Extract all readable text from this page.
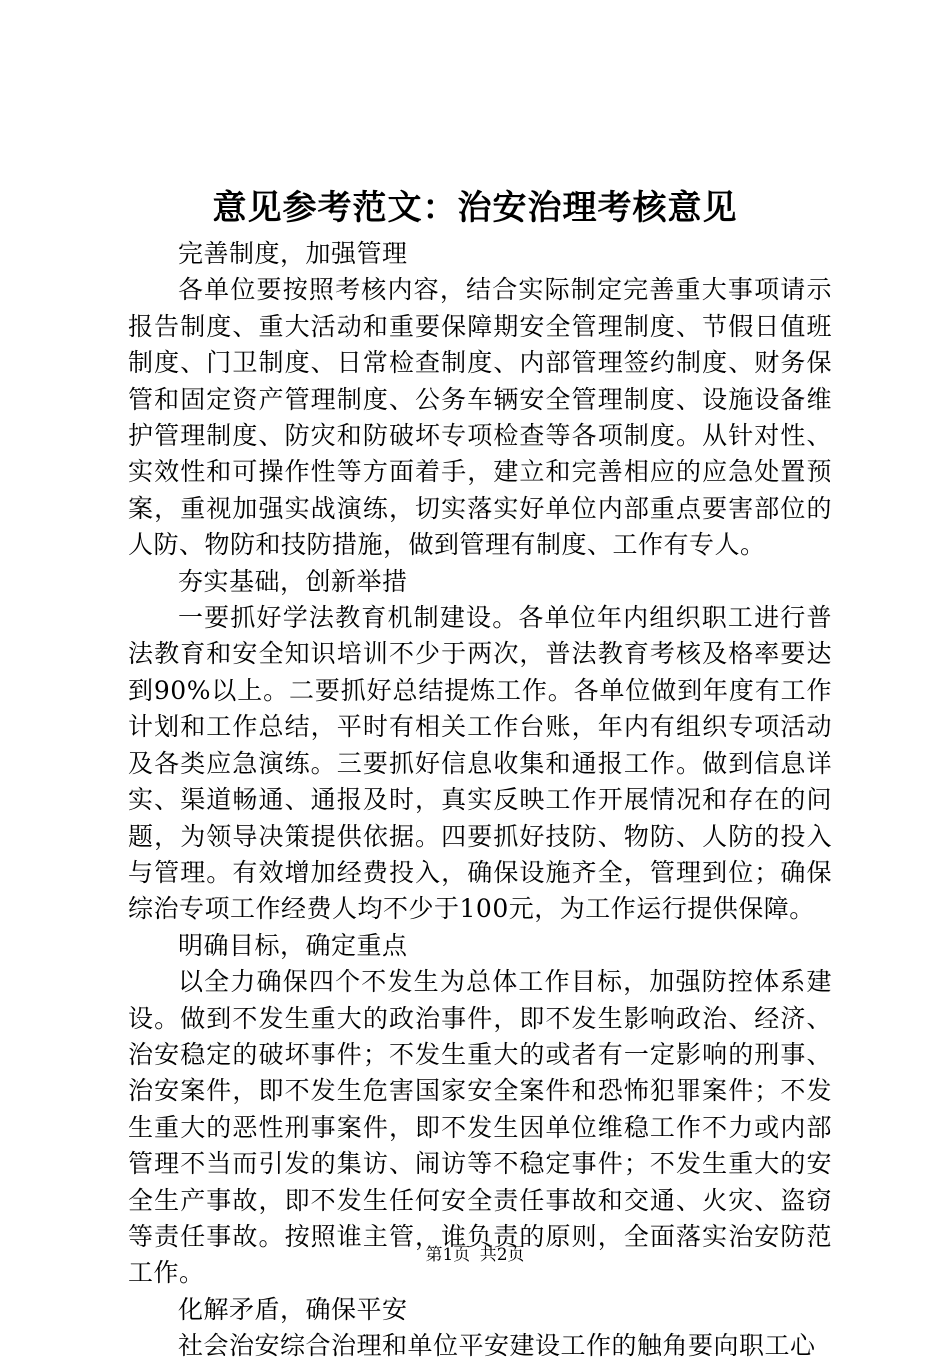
意见参考范文：治安治理考核意见

完善制度，加强管理

各单位要按照考核内容，结合实际制定完善重大事项请示报告制度、重大活动和重要保障期安全管理制度、节假日值班制度、门卫制度、日常检查制度、内部管理签约制度、财务保管和固定资产管理制度、公务车辆安全管理制度、设施设备维护管理制度、防灾和防破坏专项检查等各项制度。从针对性、实效性和可操作性等方面着手，建立和完善相应的应急处置预案，重视加强实战演练，切实落实好单位内部重点要害部位的人防、物防和技防措施，做到管理有制度、工作有专人。

夯实基础，创新举措

一要抓好学法教育机制建设。各单位年内组织职工进行普法教育和安全知识培训不少于两次，普法教育考核及格率要达到90%以上。二要抓好总结提炼工作。各单位做到年度有工作计划和工作总结，平时有相关工作台账，年内有组织专项活动及各类应急演练。三要抓好信息收集和通报工作。做到信息详实、渠道畅通、通报及时，真实反映工作开展情况和存在的问题，为领导决策提供依据。四要抓好技防、物防、人防的投入与管理。有效增加经费投入，确保设施齐全，管理到位；确保综治专项工作经费人均不少于100元，为工作运行提供保障。

明确目标，确定重点

以全力确保四个不发生为总体工作目标，加强防控体系建设。做到不发生重大的政治事件，即不发生影响政治、经济、治安稳定的破坏事件；不发生重大的或者有一定影响的刑事、治安案件，即不发生危害国家安全案件和恐怖犯罪案件；不发生重大的恶性刑事案件，即不发生因单位维稳工作不力或内部管理不当而引发的集访、闹访等不稳定事件；不发生重大的安全生产事故，即不发生任何安全责任事故和交通、火灾、盗窃等责任事故。按照谁主管，谁负责的原则，全面落实治安防范工作。

化解矛盾，确保平安

社会治安综合治理和单位平安建设工作的触角要向职工心

第1页 共2页
